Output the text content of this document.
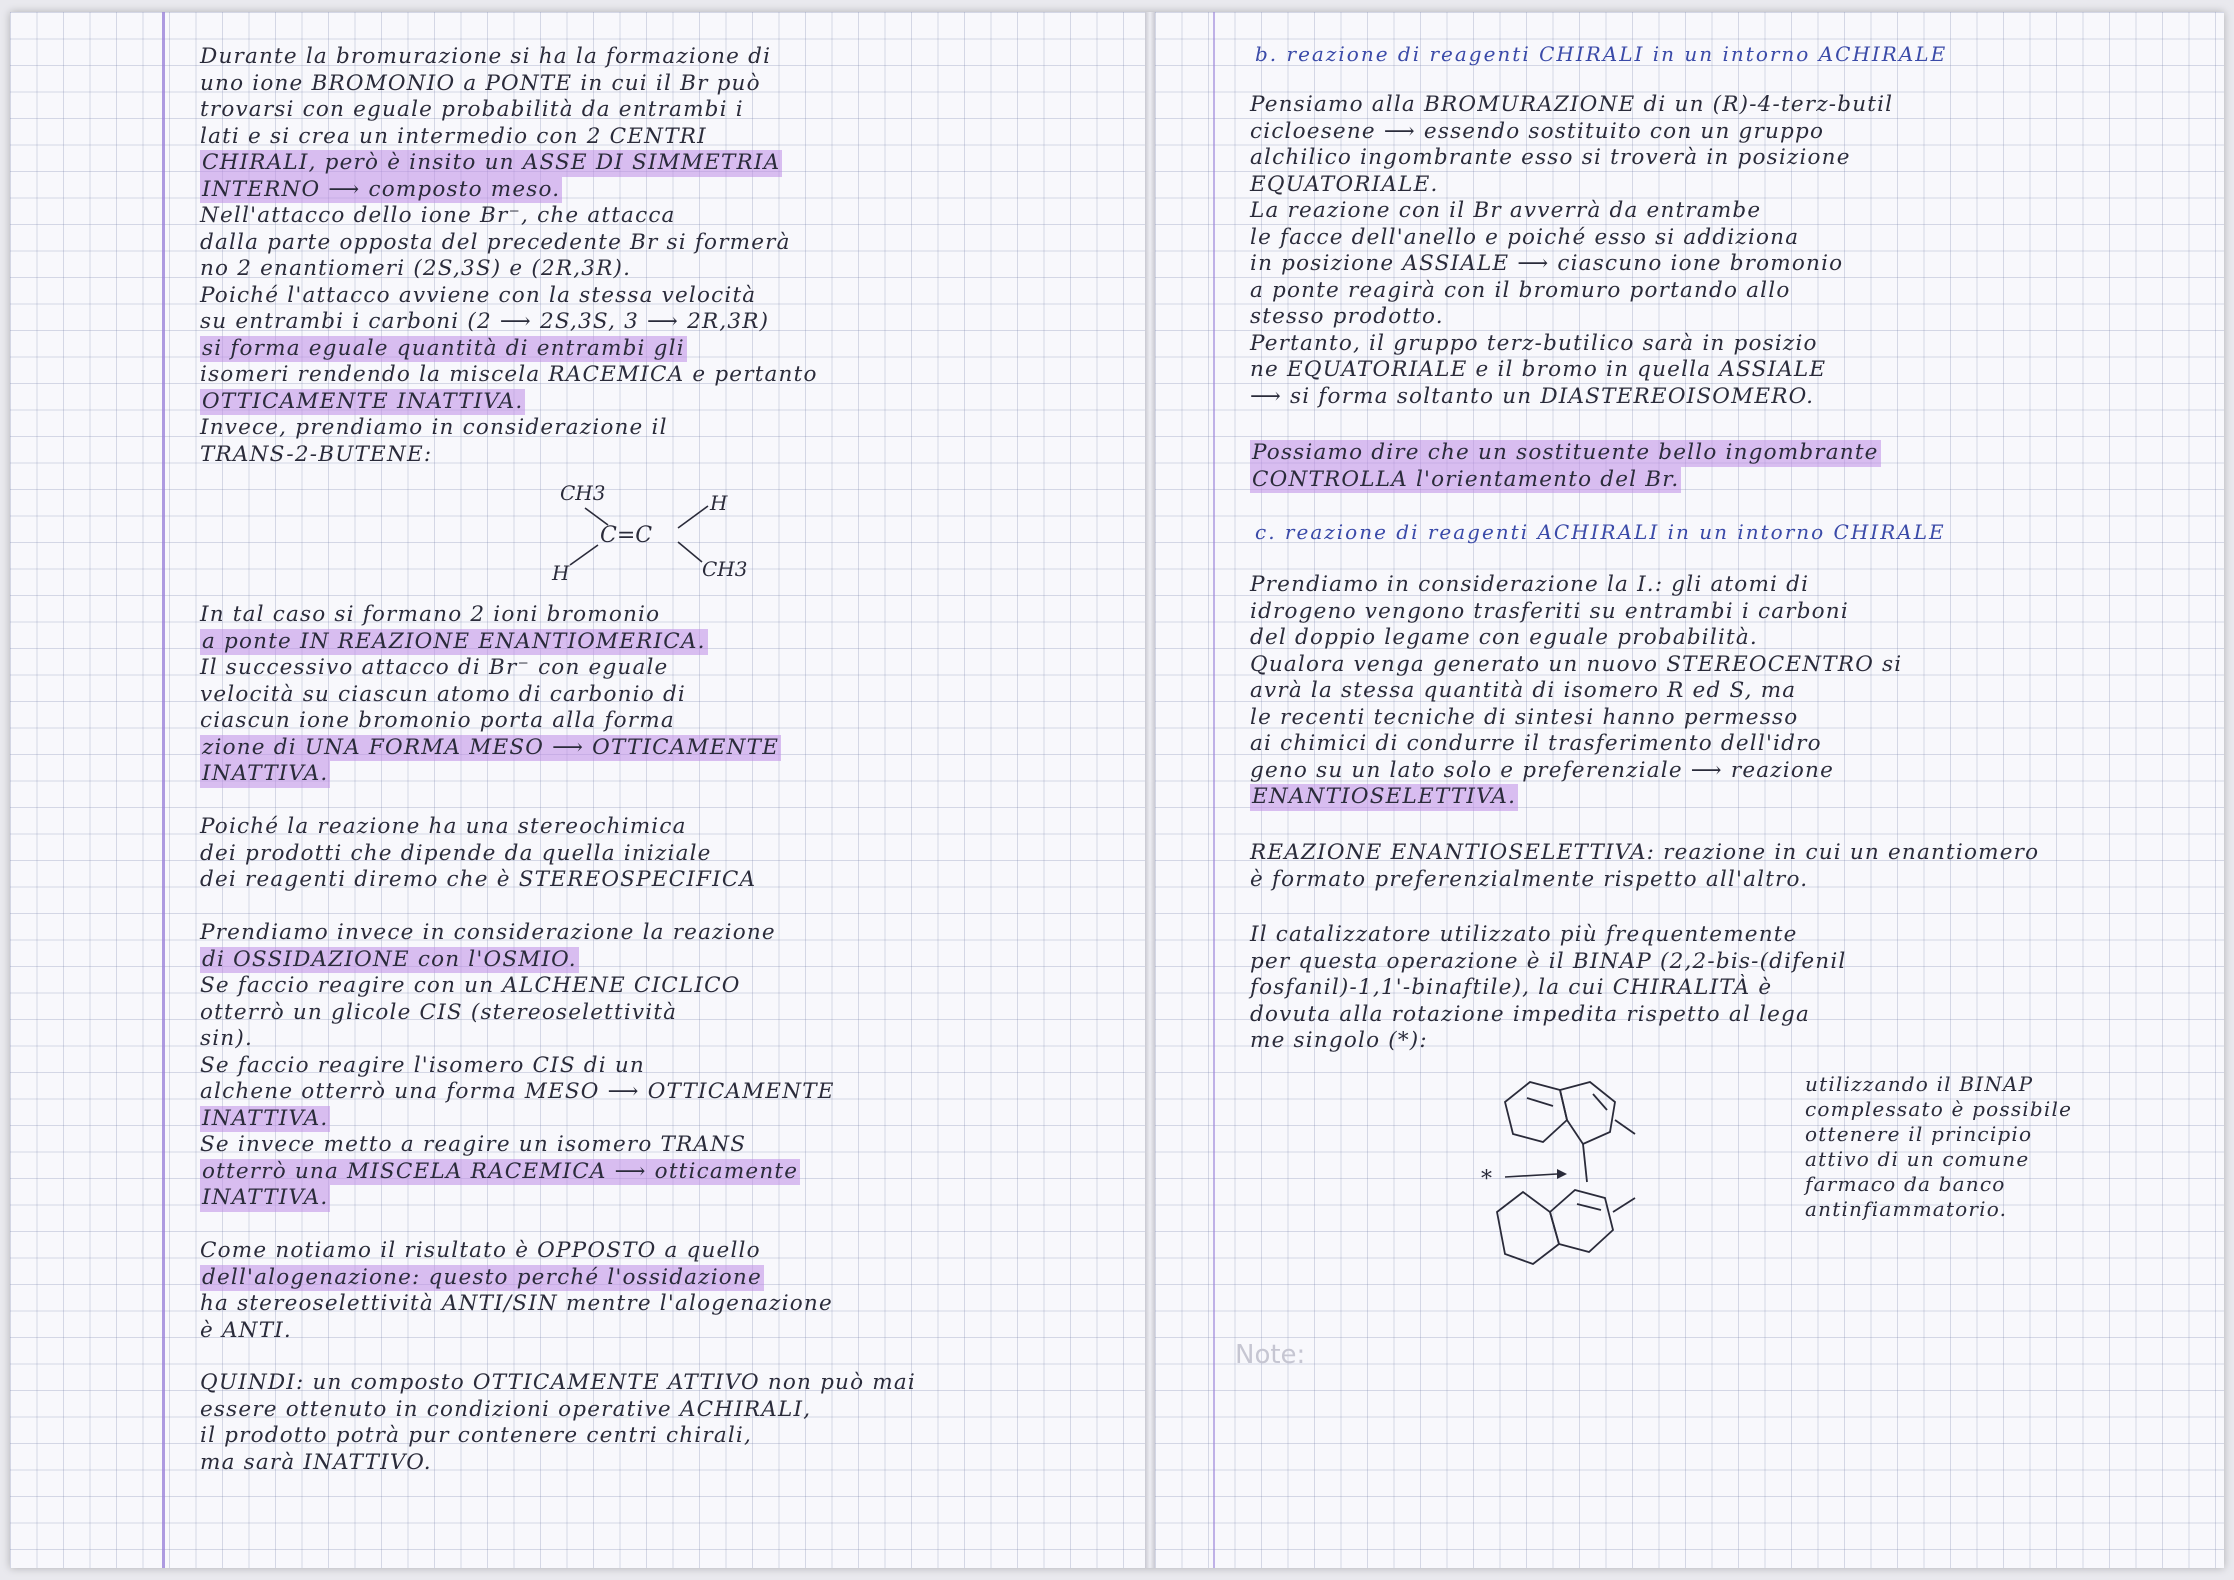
Durante la bromurazione si ha la formazione di

uno ione BROMONIO a PONTE in cui il Br può

trovarsi con eguale probabilità da entrambi i

lati e si crea un intermedio con 2 CENTRI

CHIRALI, però è insito un ASSE DI SIMMETRIA

INTERNO ⟶ composto meso.

Nell'attacco dello ione Br⁻, che attacca

dalla parte opposta del precedente Br si formerà

no 2 enantiomeri (2S,3S) e (2R,3R).

Poiché l'attacco avviene con la stessa velocità

su entrambi i carboni (2 ⟶ 2S,3S, 3 ⟶ 2R,3R)

si forma eguale quantità di entrambi gli

isomeri rendendo la miscela RACEMICA e pertanto

OTTICAMENTE INATTIVA.

Invece, prendiamo in considerazione il

TRANS-2-BUTENE:

CH3	H
C=C
H	CH3

In tal caso si formano 2 ioni bromonio

a ponte IN REAZIONE ENANTIOMERICA.

Il successivo attacco di Br⁻ con eguale

velocità su ciascun atomo di carbonio di

ciascun ione bromonio porta alla forma

zione di UNA FORMA MESO ⟶ OTTICAMENTE

INATTIVA.

Poiché la reazione ha una stereochimica

dei prodotti che dipende da quella iniziale

dei reagenti diremo che è STEREOSPECIFICA

Prendiamo invece in considerazione la reazione

di OSSIDAZIONE con l'OSMIO.

Se faccio reagire con un ALCHENE CICLICO

otterrò un glicole CIS (stereoselettività

sin).

Se faccio reagire l'isomero CIS di un

alchene otterrò una forma MESO ⟶ OTTICAMENTE

INATTIVA.

Se invece metto a reagire un isomero TRANS

otterrò una MISCELA RACEMICA ⟶ otticamente

INATTIVA.

Come notiamo il risultato è OPPOSTO a quello

dell'alogenazione: questo perché l'ossidazione

ha stereoselettività ANTI/SIN mentre l'alogenazione

è ANTI.

QUINDI: un composto OTTICAMENTE ATTIVO non può mai

essere ottenuto in condizioni operative ACHIRALI,

il prodotto potrà pur contenere centri chirali,

ma sarà INATTIVO.

b. reazione di reagenti CHIRALI in un intorno ACHIRALE

Pensiamo alla BROMURAZIONE di un (R)-4-terz-butil

cicloesene ⟶ essendo sostituito con un gruppo

alchilico ingombrante esso si troverà in posizione

EQUATORIALE.

La reazione con il Br avverrà da entrambe

le facce dell'anello e poiché esso si addiziona

in posizione ASSIALE ⟶ ciascuno ione bromonio

a ponte reagirà con il bromuro portando allo

stesso prodotto.

Pertanto, il gruppo terz-butilico sarà in posizio

ne EQUATORIALE e il bromo in quella ASSIALE

⟶ si forma soltanto un DIASTEREOISOMERO.

Possiamo dire che un sostituente bello ingombrante

CONTROLLA l'orientamento del Br.

c. reazione di reagenti ACHIRALI in un intorno CHIRALE

Prendiamo in considerazione la I.: gli atomi di

idrogeno vengono trasferiti su entrambi i carboni

del doppio legame con eguale probabilità.

Qualora venga generato un nuovo STEREOCENTRO si

avrà la stessa quantità di isomero R ed S, ma

le recenti tecniche di sintesi hanno permesso

ai chimici di condurre il trasferimento dell'idro

geno su un lato solo e preferenziale ⟶ reazione

ENANTIOSELETTIVA.

REAZIONE ENANTIOSELETTIVA: reazione in cui un enantiomero

è formato preferenzialmente rispetto all'altro.

Il catalizzatore utilizzato più frequentemente

per questa operazione è il BINAP (2,2-bis-(difenil

fosfanil)-1,1'-binaftile), la cui CHIRALITÀ è

dovuta alla rotazione impedita rispetto al lega

me singolo (*):

*

utilizzando il BINAP

complessato è possibile

ottenere il principio

attivo di un comune

farmaco da banco

antinfiammatorio.

Note:
